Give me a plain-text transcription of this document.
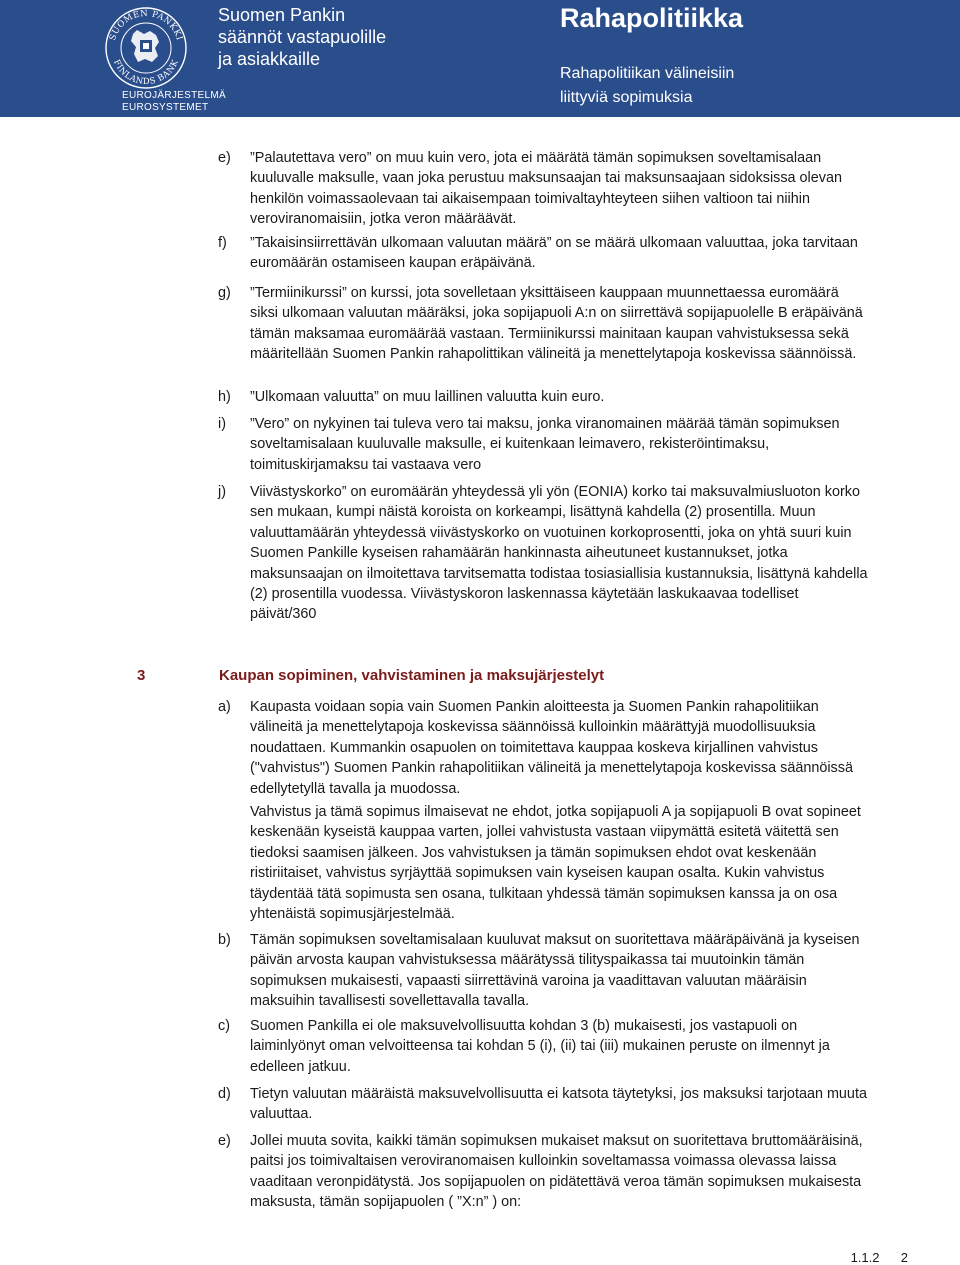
SUOMEN PANKKI
FINLANDS BANK
EUROJÄRJESTELMÄ
EUROSYSTEMET
Suomen Pankin
säännöt vastapuolille
ja asiakkaille
Rahapolitiikka
Rahapolitiikan välineisiin
liittyviä sopimuksia
e) ”Palautettava vero” on muu kuin vero, jota ei määrätä tämän sopimuksen soveltamisalaan kuuluvalle maksulle, vaan joka perustuu maksunsaajan tai maksunsaajaan sidoksissa olevan henkilön voimassaolevaan tai aikaisempaan toimivaltayhteyteen siihen valtioon tai niihin veroviranomaisiin, jotka veron määräävät.
f) ”Takaisinsiirrettävän ulkomaan valuutan määrä” on se määrä ulkomaan valuuttaa, joka tarvitaan euromäärän ostamiseen kaupan eräpäivänä.
g) ”Termiinikurssi” on kurssi, jota sovelletaan yksittäiseen kauppaan muunnettaessa euromäärä siksi ulkomaan valuutan määräksi, joka sopijapuoli A:n on siirrettävä sopijapuolelle B eräpäivänä tämän maksamaa euromäärää vastaan. Termiinikurssi mainitaan kaupan vahvistuksessa sekä määritellään Suomen Pankin rahapolittikan välineitä ja menettelytapoja koskevissa säännöissä.
h) ”Ulkomaan valuutta” on muu laillinen valuutta kuin euro.
i) ”Vero” on nykyinen tai tuleva vero tai maksu, jonka viranomainen määrää tämän sopimuksen soveltamisalaan kuuluvalle maksulle, ei kuitenkaan leimavero, rekisteröintimaksu, toimituskirjamaksu tai vastaava vero
j) Viivästyskorko” on euromäärän yhteydessä yli yön (EONIA) korko tai maksuvalmiusluoton korko sen mukaan, kumpi näistä koroista on korkeampi, lisättynä kahdella (2) prosentilla. Muun valuuttamäärän yhteydessä viivästyskorko on vuotuinen korkoprosentti, joka on yhtä suuri kuin Suomen Pankille kyseisen rahamäärän hankinnasta aiheutuneet kustannukset, jotka maksunsaajan on ilmoitettava tarvitsematta todistaa tosiasiallisia kustannuksia, lisättynä kahdella (2) prosentilla vuodessa. Viivästyskoron laskennassa käytetään laskukaavaa todelliset päivät/360
3	Kaupan sopiminen, vahvistaminen ja maksujärjestelyt
a) Kaupasta voidaan sopia vain Suomen Pankin aloitteesta ja Suomen Pankin rahapolitiikan välineitä ja menettelytapoja koskevissa säännöissä kulloinkin määrättyjä muodollisuuksia noudattaen. Kummankin osapuolen on toimitettava kauppaa koskeva kirjallinen vahvistus ("vahvistus") Suomen Pankin rahapolitiikan välineitä ja menettelytapoja koskevissa säännöissä edellytetyllä tavalla ja muodossa.
Vahvistus ja tämä sopimus ilmaisevat ne ehdot, jotka sopijapuoli A ja sopijapuoli B ovat sopineet keskenään kyseistä kauppaa varten, jollei vahvistusta vastaan viipymättä esitetä väitettä sen tiedoksi saamisen jälkeen. Jos vahvistuksen ja tämän sopimuksen ehdot ovat keskenään ristiriitaiset, vahvistus syrjäyttää sopimuksen vain kyseisen kaupan osalta. Kukin vahvistus täydentää tätä sopimusta sen osana, tulkitaan yhdessä tämän sopimuksen kanssa ja on osa yhtenäistä sopimusjärjestelmää.
b) Tämän sopimuksen soveltamisalaan kuuluvat maksut on suoritettava määräpäivänä ja kyseisen päivän arvosta kaupan vahvistuksessa määrätyssä tilityspaikassa tai muutoinkin tämän sopimuksen mukaisesti, vapaasti siirrettävinä varoina ja vaadittavan valuutan määräisin maksuihin tavallisesti sovellettavalla tavalla.
c) Suomen Pankilla ei ole maksuvelvollisuutta kohdan 3 (b) mukaisesti, jos vastapuoli on laiminlyönyt oman velvoitteensa tai kohdan 5 (i), (ii) tai (iii) mukainen peruste on ilmennyt ja edelleen jatkuu.
d) Tietyn valuutan määräistä maksuvelvollisuutta ei katsota täytetyksi, jos maksuksi tarjotaan muuta valuuttaa.
e) Jollei muuta sovita, kaikki tämän sopimuksen mukaiset maksut on suoritettava bruttomääräisinä, paitsi jos toimivaltaisen veroviranomaisen kulloinkin soveltamassa voimassa olevassa laissa vaaditaan veronpidätystä. Jos sopijapuolen on pidätettävä veroa tämän sopimuksen mukaisesta maksusta, tämän sopijapuolen ( ”X:n” ) on:
1.1.2 2
